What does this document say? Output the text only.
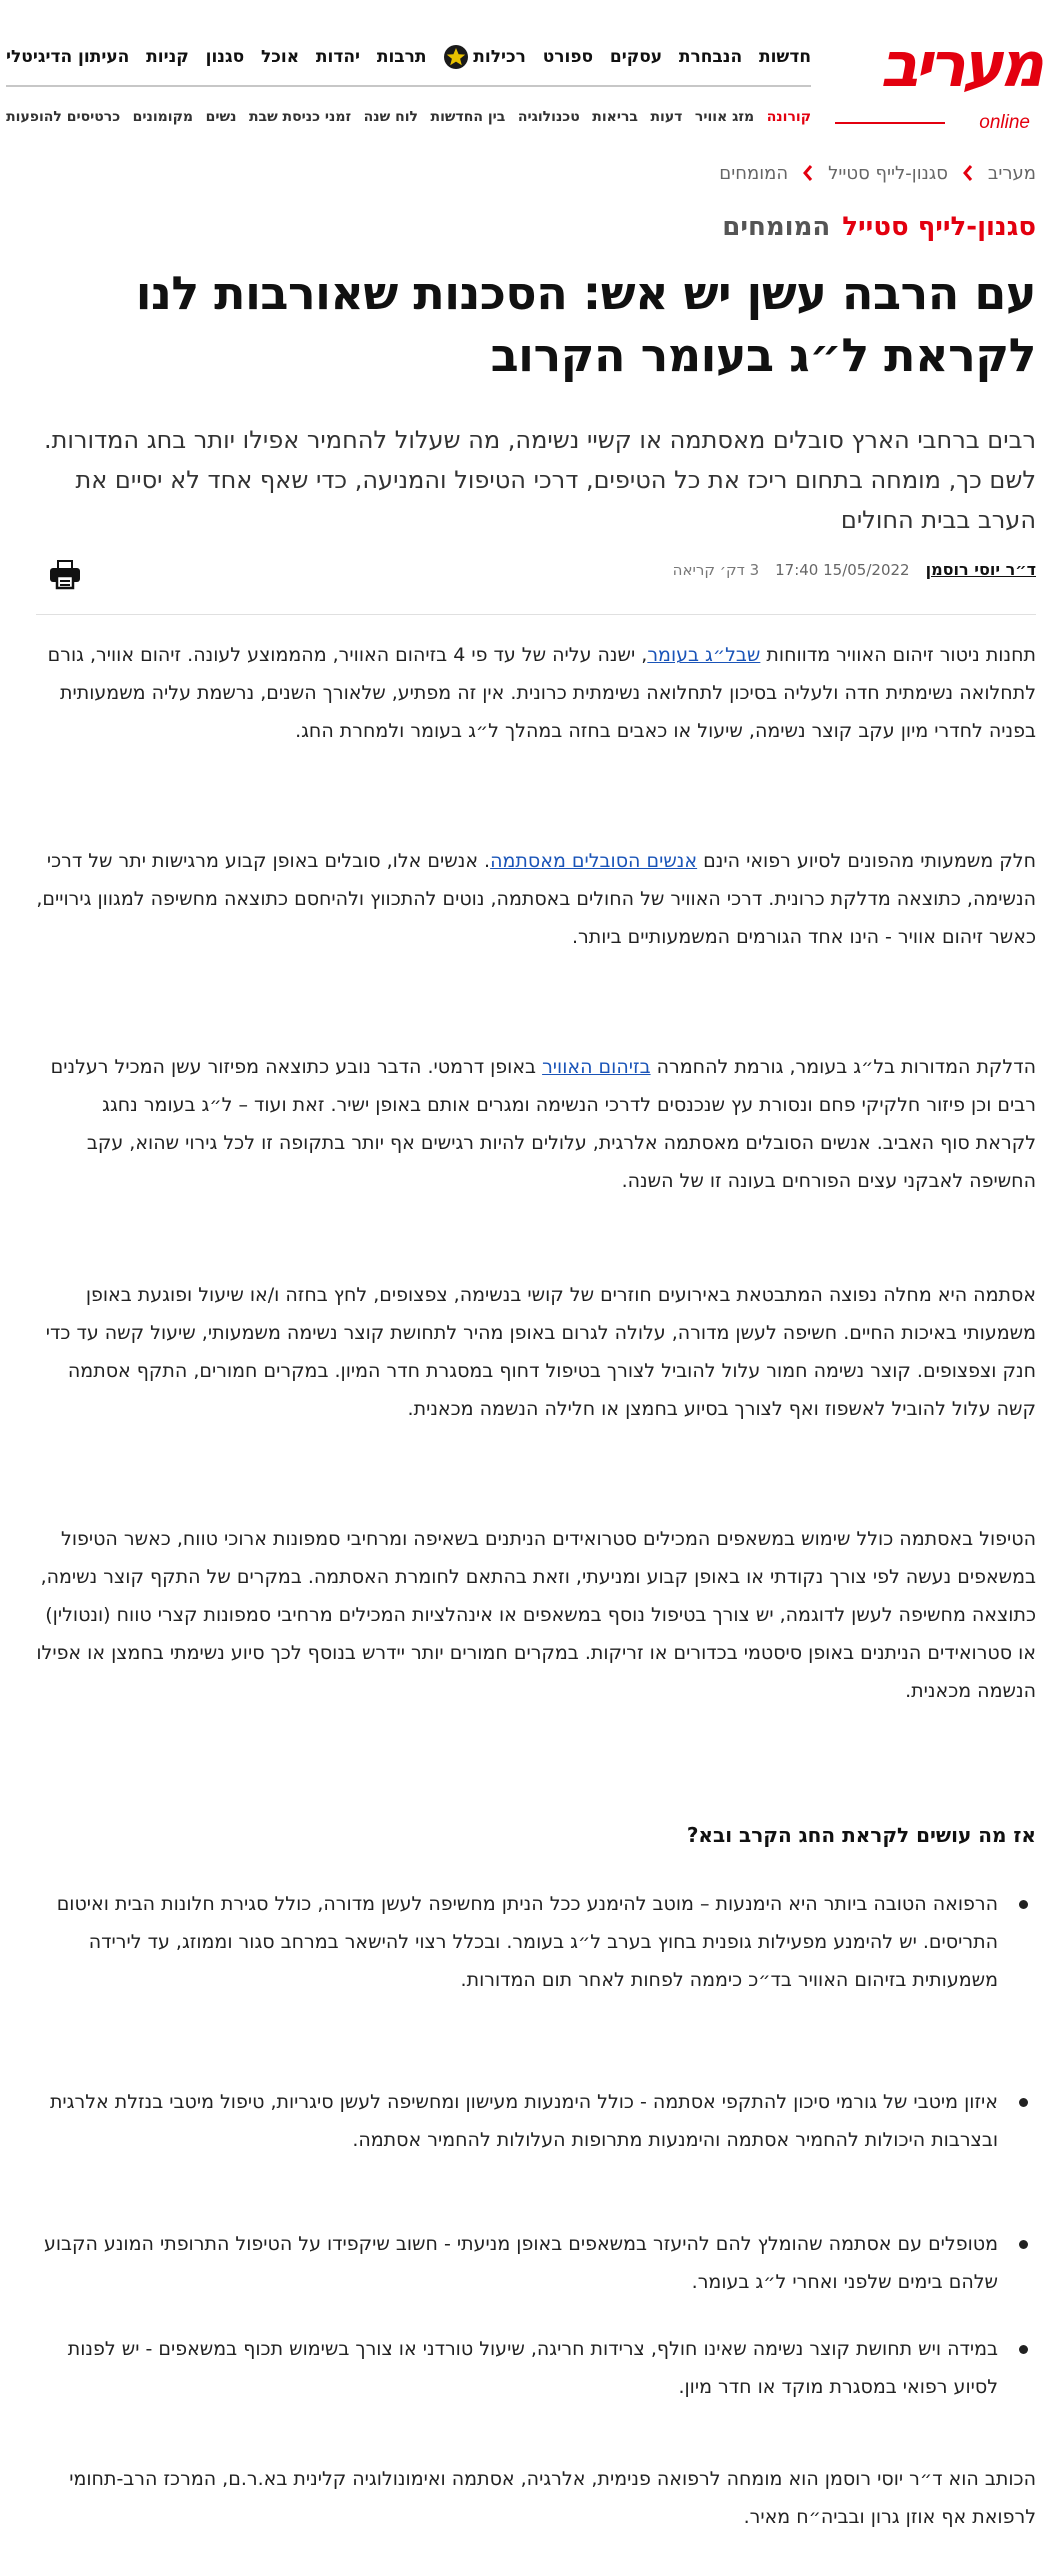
מעריב
online
חדשות
הנבחרת
עסקים
ספורט
רכילות
תרבות
יהדות
אוכל
סגנון
קניות
העיתון הדיגיטלי
קורונה
מזג אוויר
דעות
בריאות
טכנולוגיה
בין החדשות
לוח שנה
זמני כניסת שבת
נשים
מקומונים
כרטיסים להופעות
מעריב
סגנון-לייף סטייל
המומחים
סגנון-לייף סטייל
המומחים
עם הרבה עשן יש אש: הסכנות שאורבות לנו לקראת ל״ג בעומר הקרוב

רבים ברחבי הארץ סובלים מאסתמה או קשיי נשימה, מה שעלול להחמיר אפילו יותר בחג המדורות. לשם כך, מומחה בתחום ריכז את כל הטיפים, דרכי הטיפול והמניעה, כדי שאף אחד לא יסיים את הערב בבית החולים

ד״ר יוסי רוסמן
15/05/2022 17:40
3 דק׳ קריאה

תחנות ניטור זיהום האוויר מדווחות שבל״ג בעומר, ישנה עליה של עד פי 4 בזיהום האוויר, מהממוצע לעונה. זיהום אוויר, גורם לתחלואה נשימתית חדה ולעליה בסיכון לתחלואה נשימתית כרונית. אין זה מפתיע, שלאורך השנים, נרשמת עליה משמעותית בפניה לחדרי מיון עקב קוצר נשימה, שיעול או כאבים בחזה במהלך ל״ג בעומר ולמחרת החג.

חלק משמעותי מהפונים לסיוע רפואי הינם אנשים הסובלים מאסתמה. אנשים אלו, סובלים באופן קבוע מרגישות יתר של דרכי הנשימה, כתוצאה מדלקת כרונית. דרכי האוויר של החולים באסתמה, נוטים להתכווץ ולהיחסם כתוצאה מחשיפה למגוון גירויים, כאשר זיהום אוויר - הינו אחד הגורמים המשמעותיים ביותר.

הדלקת המדורות בל״ג בעומר, גורמת להחמרה בזיהום האוויר באופן דרמטי. הדבר נובע כתוצאה מפיזור עשן המכיל רעלנים רבים וכן פיזור חלקיקי פחם ונסורת עץ שנכנסים לדרכי הנשימה ומגרים אותם באופן ישיר. זאת ועוד – ל״ג בעומר נחגג לקראת סוף האביב. אנשים הסובלים מאסתמה אלרגית, עלולים להיות רגישים אף יותר בתקופה זו לכל גירוי שהוא, עקב החשיפה לאבקני עצים הפורחים בעונה זו של השנה.

אסתמה היא מחלה נפוצה המתבטאת באירועים חוזרים של קושי בנשימה, צפצופים, לחץ בחזה ו/או שיעול ופוגעת באופן משמעותי באיכות החיים. חשיפה לעשן מדורה, עלולה לגרום באופן מהיר לתחושת קוצר נשימה משמעותי, שיעול קשה עד כדי חנק וצפצופים. קוצר נשימה חמור עלול להוביל לצורך בטיפול דחוף במסגרת חדר המיון. במקרים חמורים, התקף אסתמה קשה עלול להוביל לאשפוז ואף לצורך בסיוע בחמצן או חלילה הנשמה מכאנית.

הטיפול באסתמה כולל שימוש במשאפים המכילים סטרואידים הניתנים בשאיפה ומרחיבי סמפונות ארוכי טווח, כאשר הטיפול במשאפים נעשה לפי צורך נקודתי או באופן קבוע ומניעתי, וזאת בהתאם לחומרת האסתמה. במקרים של התקף קוצר נשימה, כתוצאה מחשיפה לעשן לדוגמה, יש צורך בטיפול נוסף במשאפים או אינהלציות המכילים מרחיבי סמפונות קצרי טווח (ונטולין) או סטרואידים הניתנים באופן סיסטמי בכדורים או זריקות. במקרים חמורים יותר יידרש בנוסף לכך סיוע נשימתי בחמצן או אפילו הנשמה מכאנית.

אז מה עושים לקראת החג הקרב ובא?
הרפואה הטובה ביותר היא הימנעות – מוטב להימנע ככל הניתן מחשיפה לעשן מדורה, כולל סגירת חלונות הבית ואיטום התריסים. יש להימנע מפעילות גופנית בחוץ בערב ל״ג בעומר. ובכלל רצוי להישאר במרחב סגור וממוזג, עד לירידה משמעותית בזיהום האוויר בד״כ כיממה לפחות לאחר תום המדורות.
איזון מיטבי של גורמי סיכון להתקפי אסתמה - כולל הימנעות מעישון ומחשיפה לעשן סיגריות, טיפול מיטבי בנזלת אלרגית ובצרבות היכולות להחמיר אסתמה והימנעות מתרופות העלולות להחמיר אסתמה.
מטופלים עם אסתמה שהומלץ להם להיעזר במשאפים באופן מניעתי - חשוב שיקפידו על הטיפול התרופתי המונע הקבוע שלהם בימים שלפני ואחרי ל״ג בעומר.
במידה ויש תחושת קוצר נשימה שאינו חולף, צרידות חריגה, שיעול טורדני או צורך בשימוש תכוף במשאפים - יש לפנות לסיוע רפואי במסגרת מוקד או חדר מיון.

הכותב הוא ד״ר יוסי רוסמן הוא מומחה לרפואה פנימית, אלרגיה, אסתמה ואימונולוגיה קלינית בא.ר.ם, המרכז הרב-תחומי לרפואת אף אוזן גרון ובביה״ח מאיר.
